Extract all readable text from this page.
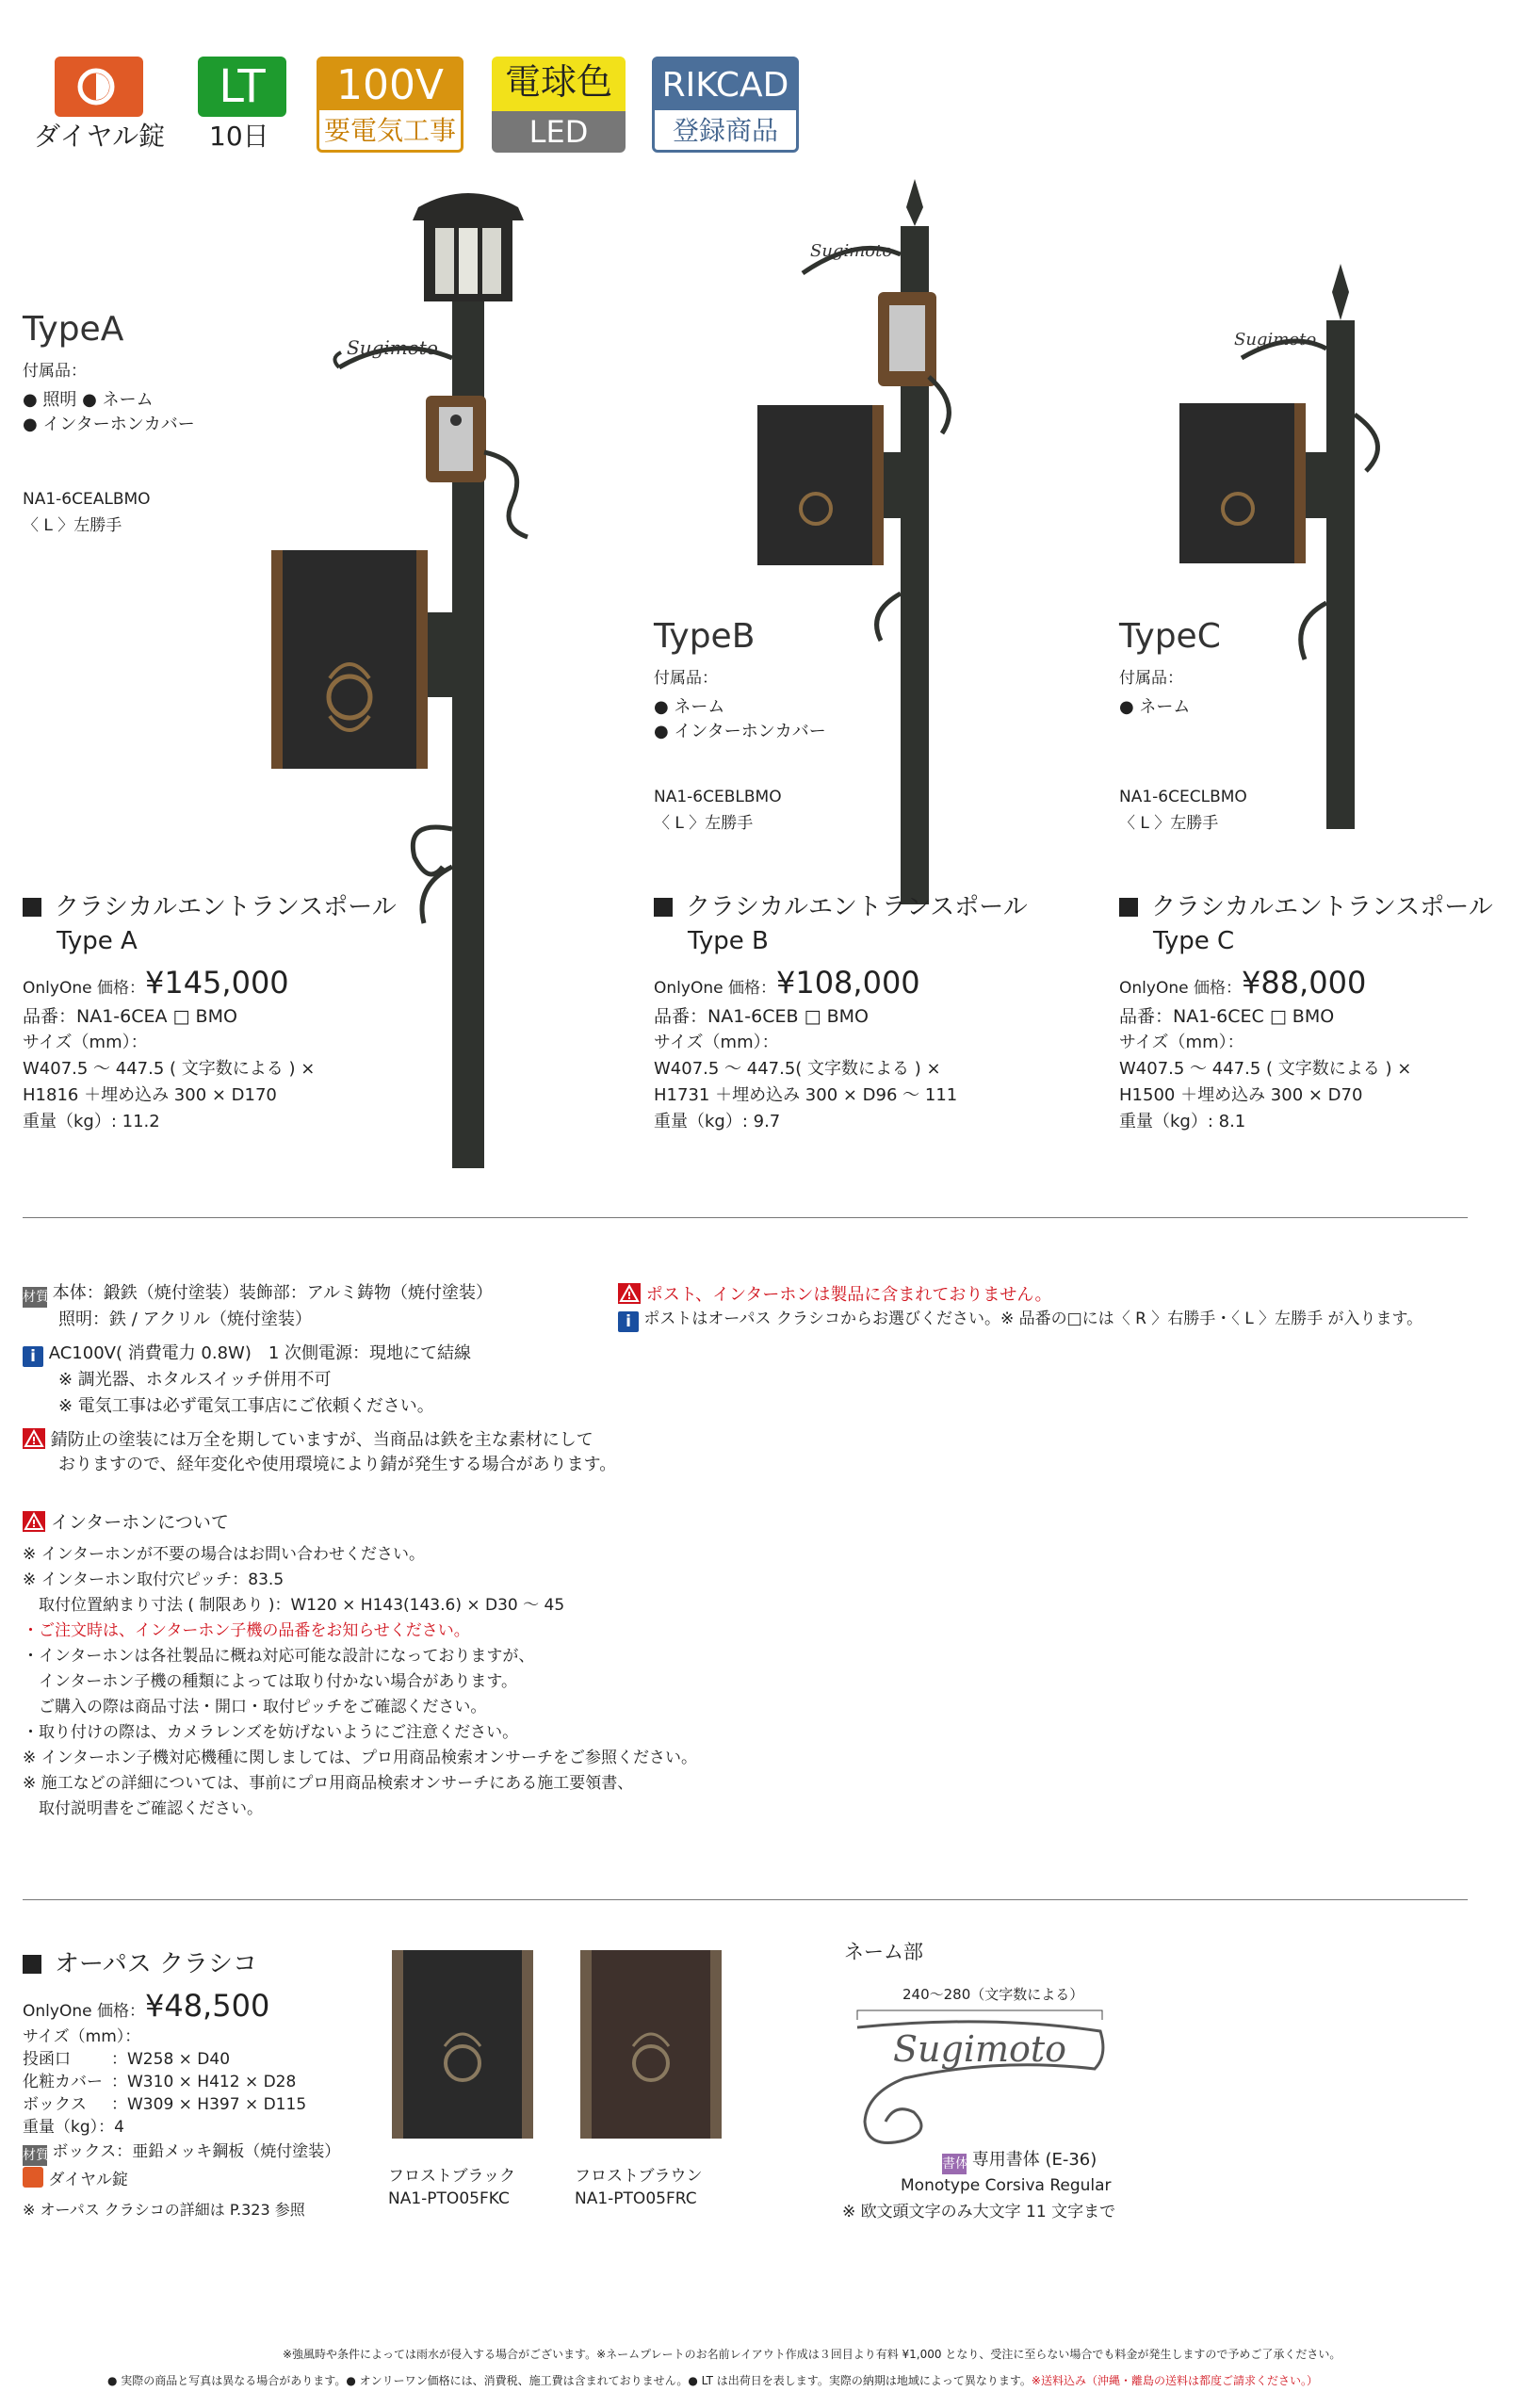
ダイヤル錠
LT
10日
100V
要電気工事
電球色
LED
RIKCAD
登録商品
Sugimoto
Sugimoto
Sugimoto
TypeA
付属品：
● 照明 ● ネーム
● インターホンカバー
NA1-6CEALBMO
〈 L 〉左勝手
TypeB
付属品：
● ネーム
● インターホンカバー
NA1-6CEBLBMO
〈 L 〉左勝手
TypeC
付属品：
● ネーム
NA1-6CECLBMO
〈 L 〉左勝手
クラシカルエントランスポール
Type A
OnlyOne 価格：¥145,000
品番：NA1-6CEA □ BMO
サイズ（mm）：
W407.5 ～ 447.5 ( 文字数による ) ×
H1816 ＋埋め込み 300 × D170
重量（kg）: 11.2
クラシカルエントランスポール
Type B
OnlyOne 価格：¥108,000
品番：NA1-6CEB □ BMO
サイズ（mm）：
W407.5 ～ 447.5( 文字数による ) ×
H1731 ＋埋め込み 300 × D96 ～ 111
重量（kg）: 9.7
クラシカルエントランスポール
Type C
OnlyOne 価格：¥88,000
品番：NA1-6CEC □ BMO
サイズ（mm）：
W407.5 ～ 447.5 ( 文字数による ) ×
H1500 ＋埋め込み 300 × D70
重量（kg）: 8.1
材質 本体：鍛鉄（焼付塗装）装飾部：アルミ鋳物（焼付塗装）
照明：鉄 / アクリル（焼付塗装）
i AC100V( 消費電力 0.8W)　1 次側電源：現地にて結線
※ 調光器、ホタルスイッチ併用不可
※ 電気工事は必ず電気工事店にご依頼ください。
錆防止の塗装には万全を期していますが、当商品は鉄を主な素材にして
おりますので、経年変化や使用環境により錆が発生する場合があります。
ポスト、インターホンは製品に含まれておりません。
i ポストはオーパス クラシコからお選びください。※ 品番の□には〈 R 〉右勝手・〈 L 〉左勝手 が入ります。
インターホンについて
※ インターホンが不要の場合はお問い合わせください。
※ インターホン取付穴ピッチ：83.5
　取付位置納まり寸法 ( 制限あり )：W120 × H143(143.6) × D30 ～ 45
・ご注文時は、インターホン子機の品番をお知らせください。
・インターホンは各社製品に概ね対応可能な設計になっておりますが、
　インターホン子機の種類によっては取り付かない場合があります。
　ご購入の際は商品寸法・開口・取付ピッチをご確認ください。
・取り付けの際は、カメラレンズを妨げないようにご注意ください。
※ インターホン子機対応機種に関しましては、プロ用商品検索オンサーチをご参照ください。
※ 施工などの詳細については、事前にプロ用商品検索オンサーチにある施工要領書、
　取付説明書をご確認ください。
オーパス クラシコ
OnlyOne 価格：¥48,500
サイズ（mm）：
投函口	：W258 × D40
化粧カバー ：W310 × H412 × D28
ボックス ：W309 × H397 × D115
重量（kg）：4
材質 ボックス：亜鉛メッキ鋼板（焼付塗装）
ダイヤル錠
※ オーパス クラシコの詳細は P.323 参照
フロストブラック
NA1-PTO05FKC
フロストブラウン
NA1-PTO05FRC
ネーム部
240～280（文字数による）
Sugimoto
書体 専用書体 (E-36)
Monotype Corsiva Regular
※ 欧文頭文字のみ大文字 11 文字まで
※強風時や条件によっては雨水が侵入する場合がございます。※ネームプレートのお名前レイアウト作成は３回目より有料 ¥1,000 となり、受注に至らない場合でも料金が発生しますので予めご了承ください。
● 実際の商品と写真は異なる場合があります。● オンリーワン価格には、消費税、施工費は含まれておりません。● LT は出荷日を表します。実際の納期は地域によって異なります。※送料込み（沖縄・離島の送料は都度ご請求ください。）
